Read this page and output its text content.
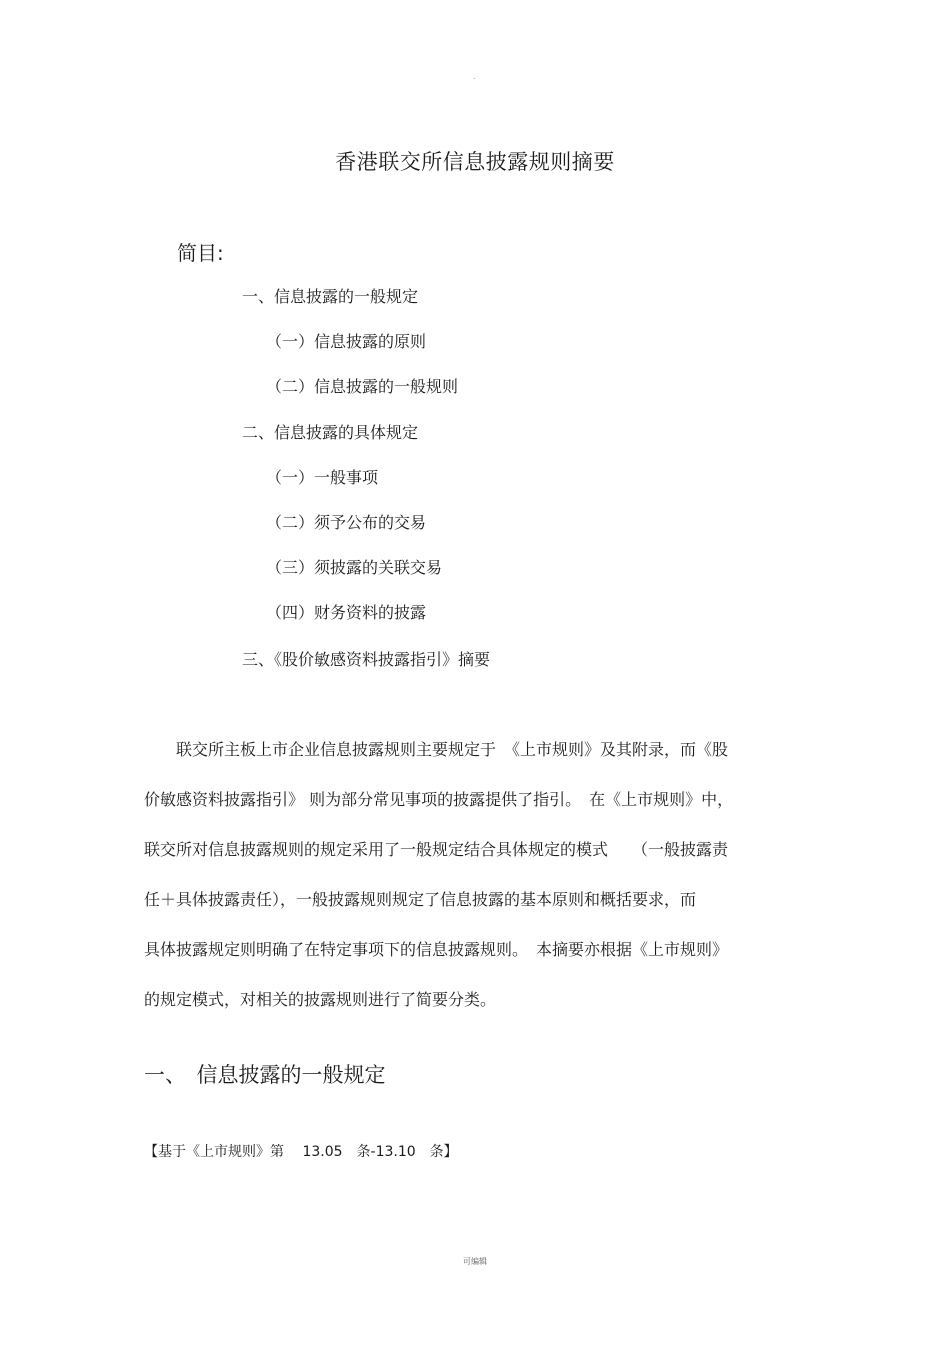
.
香港联交所信息披露规则摘要
简目:
一、信息披露的一般规定
（一）信息披露的原则
（二）信息披露的一般规则
二、信息披露的具体规定
（一）一般事项
（二）须予公布的交易
（三）须披露的关联交易
（四）财务资料的披露
三、《股价敏感资料披露指引》摘要
　　联交所主板上市企业信息披露规则主要规定于　《上市规则》及其附录，而《股
价敏感资料披露指引》 则为部分常见事项的披露提供了指引。　在《上市规则》中，
联交所对信息披露规则的规定采用了一般规定结合具体规定的模式　　（一般披露责
任＋具体披露责任），一般披露规则规定了信息披露的基本原则和概括要求，而
具体披露规定则明确了在特定事项下的信息披露规则。　本摘要亦根据《上市规则》
的规定模式，对相关的披露规则进行了简要分类。
一、　信息披露的一般规定
【基于《上市规则》第　 13.05　条-13.10　条】
可编辑
